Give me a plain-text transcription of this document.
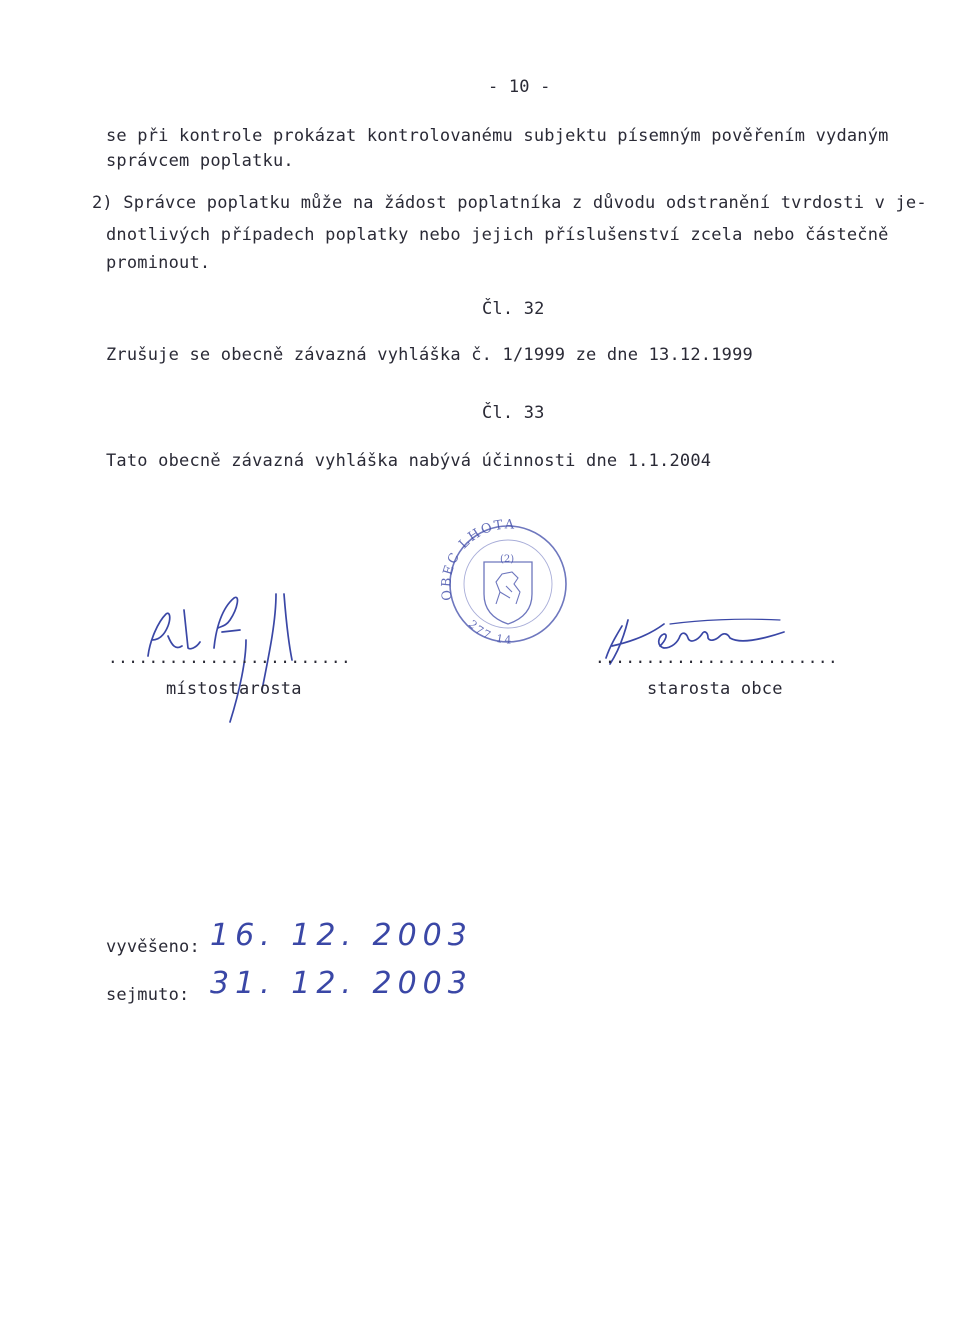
- 10 -
se při kontrole prokázat kontrolovanému subjektu písemným pověřením vydaným
správcem poplatku.
2) Správce poplatku může na žádost poplatníka z důvodu odstranění tvrdosti v je-
dnotlivých případech poplatky nebo jejich příslušenství zcela nebo částečně
prominout.
Čl. 32
Zrušuje se obecně závazná vyhláška č. 1/1999 ze dne 13.12.1999
Čl. 33
Tato obecně závazná vyhláška nabývá účinnosti dne 1.1.2004
OBEC LHOTA
(2)
277 14
........................	........................
místostarosta	starosta obce
vyvěšeno: 16. 12. 2003
sejmuto: 31. 12. 2003
